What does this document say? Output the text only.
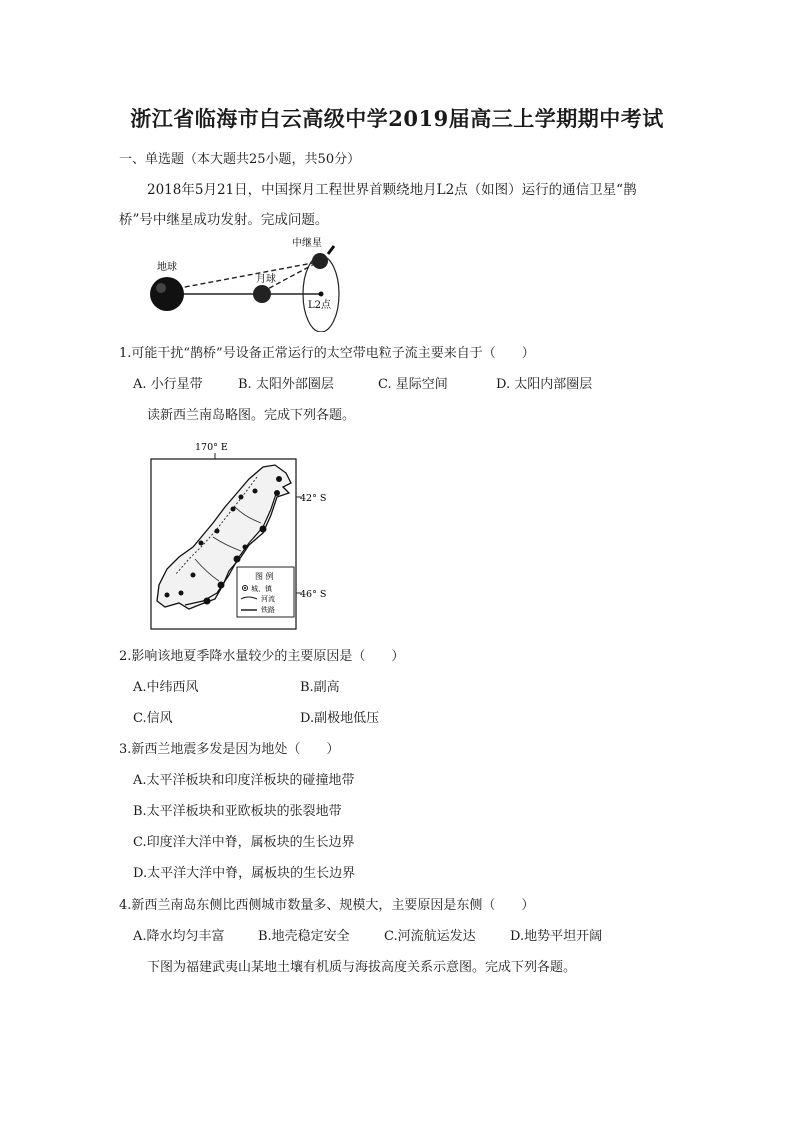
浙江省临海市白云高级中学2019届高三上学期期中考试
一、单选题（本大题共25小题，共50分）
2018年5月21日，中国探月工程世界首颗绕地月L2点（如图）运行的通信卫星“鹊
桥”号中继星成功发射。完成问题。
中继星
地球
月球
L2点
1.可能干扰“鹊桥”号设备正常运行的太空带电粒子流主要来自于（　　）
A. 小行星带	B. 太阳外部圈层	C. 星际空间	D. 太阳内部圈层
读新西兰南岛略图。完成下列各题。
170° E
42° S
46° S
图 例
城、镇
河流
铁路
2.影响该地夏季降水量较少的主要原因是（　　）
A.中纬西风	B.副高
C.信风	D.副极地低压
3.新西兰地震多发是因为地处（　　）
A.太平洋板块和印度洋板块的碰撞地带
B.太平洋板块和亚欧板块的张裂地带
C.印度洋大洋中脊，属板块的生长边界
D.太平洋大洋中脊，属板块的生长边界
4.新西兰南岛东侧比西侧城市数量多、规模大，主要原因是东侧（　　）
A.降水均匀丰富	B.地壳稳定安全	C.河流航运发达	D.地势平坦开阔
下图为福建武夷山某地土壤有机质与海拔高度关系示意图。完成下列各题。
